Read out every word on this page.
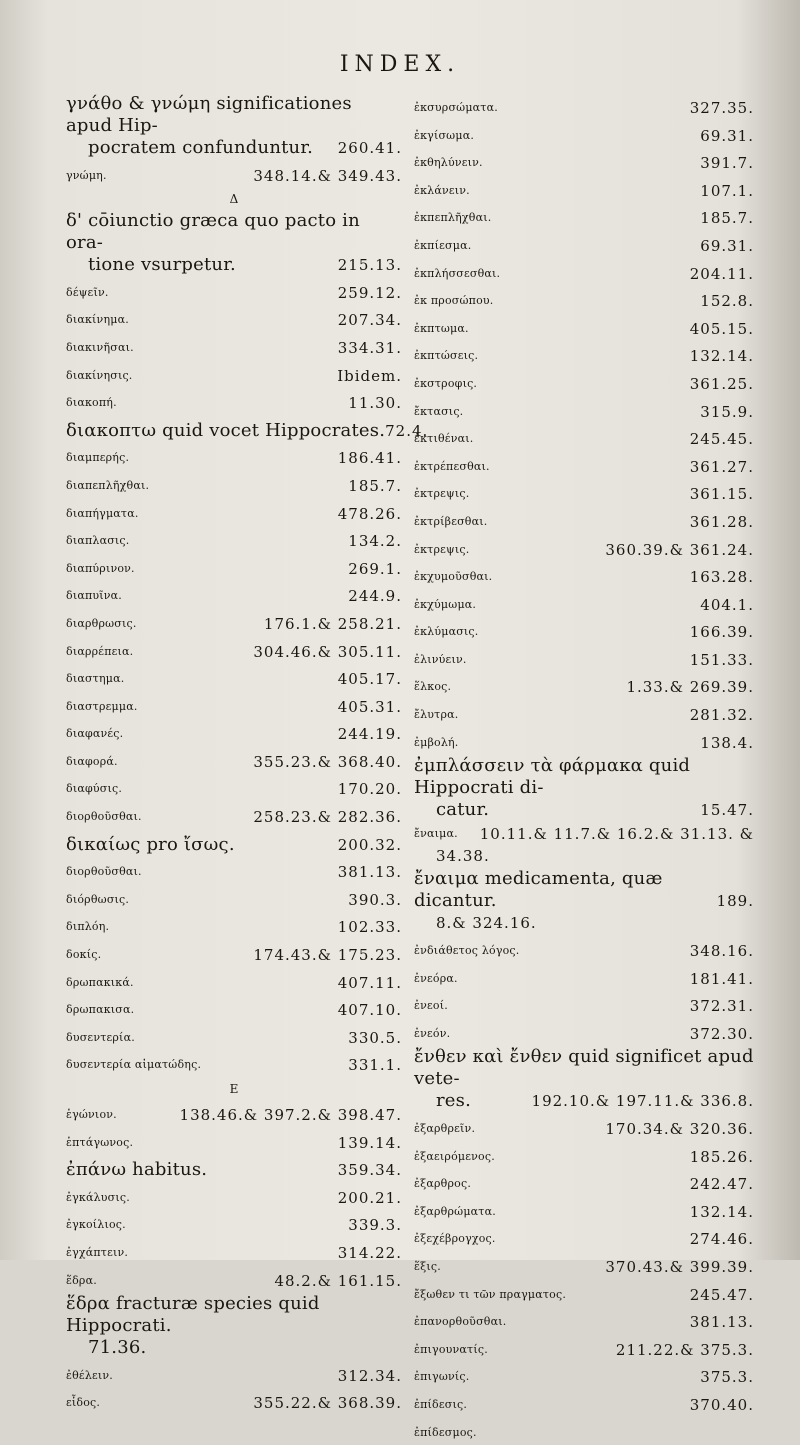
INDEX.
γνάθο & γνώμη significationes apud Hip-
pocratem confunduntur. 260.41.
γνώμη.	348.14.& 349.43.
Δ
δ' cōiunctio græca quo pacto in ora-
tione vsurpetur.	215.13.
δέψεῖν.	259.12.
διακίνημα.	207.34.
διακινῆσαι.	334.31.
διακίνησις.	Ibidem.
διακοπή.	11.30.
διακοπτω quid vocet Hippocrates. 72.4.
διαμπερής.	186.41.
διαπεπλῆχθαι.	185.7.
διαπήγματα.	478.26.
διαπλασις.	134.2.
διαπύρινον.	269.1.
διαπυῖνα.	244.9.
διαρθρωσις.	176.1.& 258.21.
διαρρέπεια.	304.46.& 305.11.
διαστημα.	405.17.
διαστρεμμα.	405.31.
διαφανές.	244.19.
διαφορά.	355.23.& 368.40.
διαφύσις.	170.20.
διορθοῦσθαι.	258.23.& 282.36.
δικαίως pro ἴσως.	200.32.
διορθοῦσθαι.	381.13.
διόρθωσις.	390.3.
διπλόη.	102.33.
δοκίς.	174.43.& 175.23.
δρωπακικά.	407.11.
δρωπακισα.	407.10.
δυσεντερία.	330.5.
δυσεντερία αἱματώδης.	331.1.
Ε
ἑγώνιον.	138.46.& 397.2.& 398.47.
ἑπτάγωνος.	139.14.
ἐπάνω habitus.	359.34.
ἐγκάλυσις.	200.21.
ἐγκοίλιος.	339.3.
ἐγχάπτειν.	314.22.
ἕδρα.	48.2.& 161.15.
ἕδρα fracturæ species quid Hippocrati.
71.36.
ἐθέλειν.	312.34.
εἶδος.	355.22.& 368.39.
ἐκσυρσώματα.	327.35.
ἐκγίσωμα.	69.31.
ἐκθηλύνειν.	391.7.
ἐκλάνειν.	107.1.
ἐκπεπλῆχθαι.	185.7.
ἐκπίεσμα.	69.31.
ἐκπλήσσεσθαι.	204.11.
ἐκ προσώπου.	152.8.
ἐκπτωμα.	405.15.
ἐκπτώσεις.	132.14.
ἐκστροφις.	361.25.
ἔκτασις.	315.9.
ἐκτιθέναι.	245.45.
ἐκτρέπεσθαι.	361.27.
ἐκτρεψις.	361.15.
ἐκτρίβεσθαι.	361.28.
ἐκτρεψις.	360.39.& 361.24.
ἐκχυμοῦσθαι.	163.28.
ἐκχύμωμα.	404.1.
ἐκλύμασις.	166.39.
ἐλινύειν.	151.33.
ἕλκος.	1.33.& 269.39.
ἔλυτρα.	281.32.
ἐμβολή.	138.4.
ἐμπλάσσειν τὰ φάρμακα quid Hippocrati di-
catur.	15.47.
ἔναιμα. 10.11.& 11.7.& 16.2.& 31.13. &
34.38.
ἔναιμα medicamenta, quæ dicantur.	189.
8.& 324.16.
ἐνδιάθετος λόγος.	348.16.
ἐνεόρα.	181.41.
ἐνεοί.	372.31.
ἐνεόν.	372.30.
ἔνθεν καὶ ἔνθεν quid significet apud vete-
res.	192.10.& 197.11.& 336.8.
ἐξαρθρεῖν.	170.34.& 320.36.
ἐξαειρόμενος.	185.26.
ἐξαρθρος.	242.47.
ἐξαρθρώματα.	132.14.
ἐξεχέβρογχος.	274.46.
ἕξις.	370.43.& 399.39.
ἔξωθεν τι τῶν πραγματος.	245.47.
ἐπανορθοῦσθαι.	381.13.
ἐπιγουνατίς.	211.22.& 375.3.
ἐπιγωνίς.	375.3.
ἐπίδεσις.	370.40.
ἐπίδεσμος.
